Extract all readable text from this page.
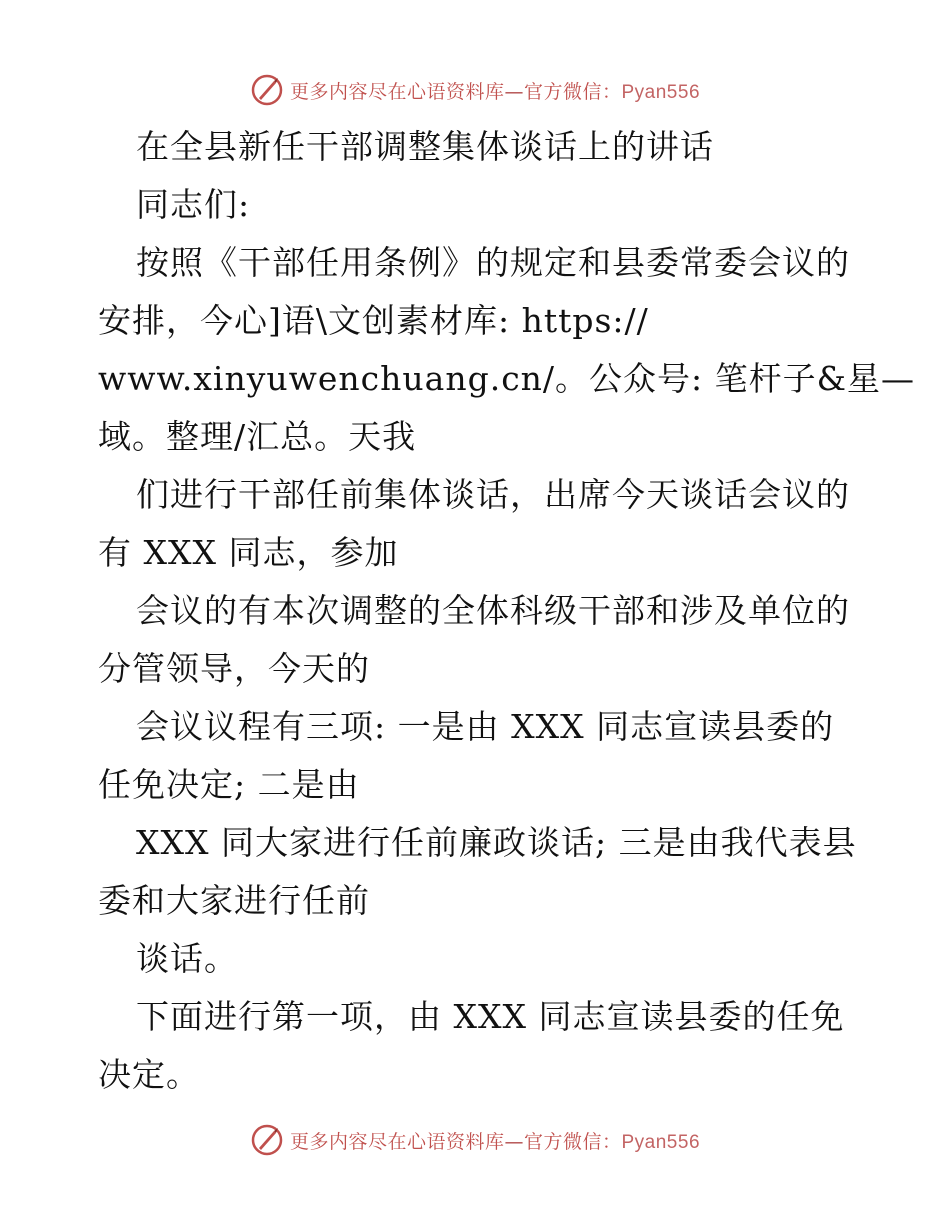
更多内容尽在心语资料库—官方微信：Pyan556

在全县新任干部调整集体谈话上的讲话

同志们:

按照《干部任用条例》的规定和县委常委会议的

安排，今心]语\文创素材库: https://

www.xinyuwenchuang.cn/。公众号: 笔杆子&星—

域。整理/汇总。天我

们进行干部任前集体谈话，出席今天谈话会议的

有 XXX 同志，参加

会议的有本次调整的全体科级干部和涉及单位的

分管领导，今天的

会议议程有三项: 一是由 XXX 同志宣读县委的

任免决定; 二是由

XXX 同大家进行任前廉政谈话; 三是由我代表县

委和大家进行任前

谈话。

下面进行第一项，由 XXX 同志宣读县委的任免

决定。

更多内容尽在心语资料库—官方微信：Pyan556
